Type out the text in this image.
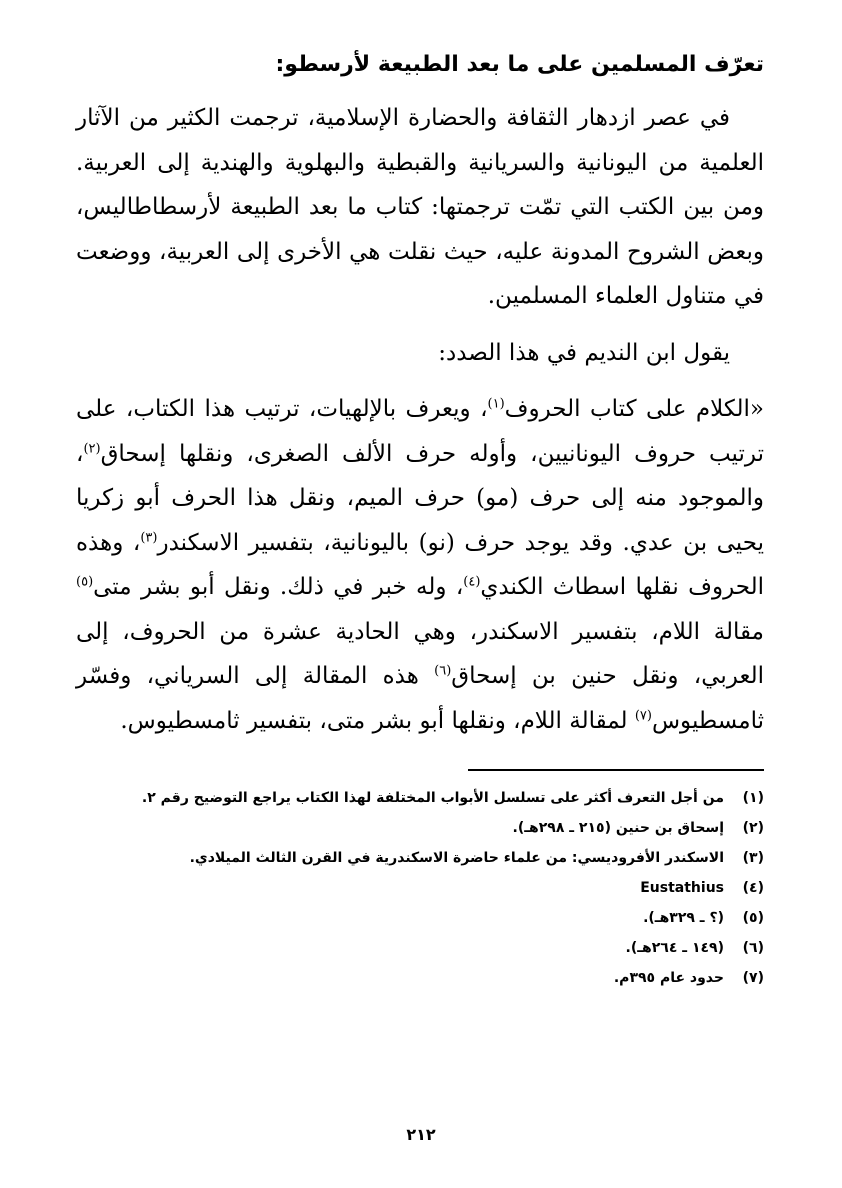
تعرّف المسلمين على ما بعد الطبيعة لأرسطو:

في عصر ازدهار الثقافة والحضارة الإسلامية، ترجمت الكثير من الآثار العلمية من اليونانية والسريانية والقبطية والبهلوية والهندية إلى العربية. ومن بين الكتب التي تمّت ترجمتها: كتاب ما بعد الطبيعة لأرسطاطاليس، وبعض الشروح المدونة عليه، حيث نقلت هي الأخرى إلى العربية، ووضعت في متناول العلماء المسلمين.

يقول ابن النديم في هذا الصدد:

«الكلام على كتاب الحروف$^{(١)}$، ويعرف بالإلهيات، ترتيب هذا الكتاب، على ترتيب حروف اليونانيين، وأوله حرف الألف الصغرى، ونقلها إسحاق$^{(٢)}$، والموجود منه إلى حرف (مو) حرف الميم، ونقل هذا الحرف أبو زكريا يحيى بن عدي. وقد يوجد حرف (نو) باليونانية، بتفسير الاسكندر$^{(٣)}$، وهذه الحروف نقلها اسطاث الكندي$^{(٤)}$، وله خبر في ذلك. ونقل أبو بشر متى$^{(٥)}$ مقالة اللام، بتفسير الاسكندر، وهي الحادية عشرة من الحروف، إلى العربي، ونقل حنين بن إسحاق$^{(٦)}$ هذه المقالة إلى السرياني، وفسّر ثامسطيوس$^{(٧)}$ لمقالة اللام، ونقلها أبو بشر متى، بتفسير ثامسطيوس.

(١)
من أجل التعرف أكثر على تسلسل الأبواب المختلفة لهذا الكتاب يراجع التوضيح رقم ٢.
(٢)
إسحاق بن حنين (٢١٥ ـ ٢٩٨هـ).
(٣)
الاسكندر الأفروديسي: من علماء حاضرة الاسكندرية في القرن الثالث الميلادي.
(٤)
Eustathius
(٥)
(؟ ـ ٣٢٩هـ).
(٦)
(١٤٩ ـ ٢٦٤هـ).
(٧)
حدود عام ٣٩٥م.
٢١٢
